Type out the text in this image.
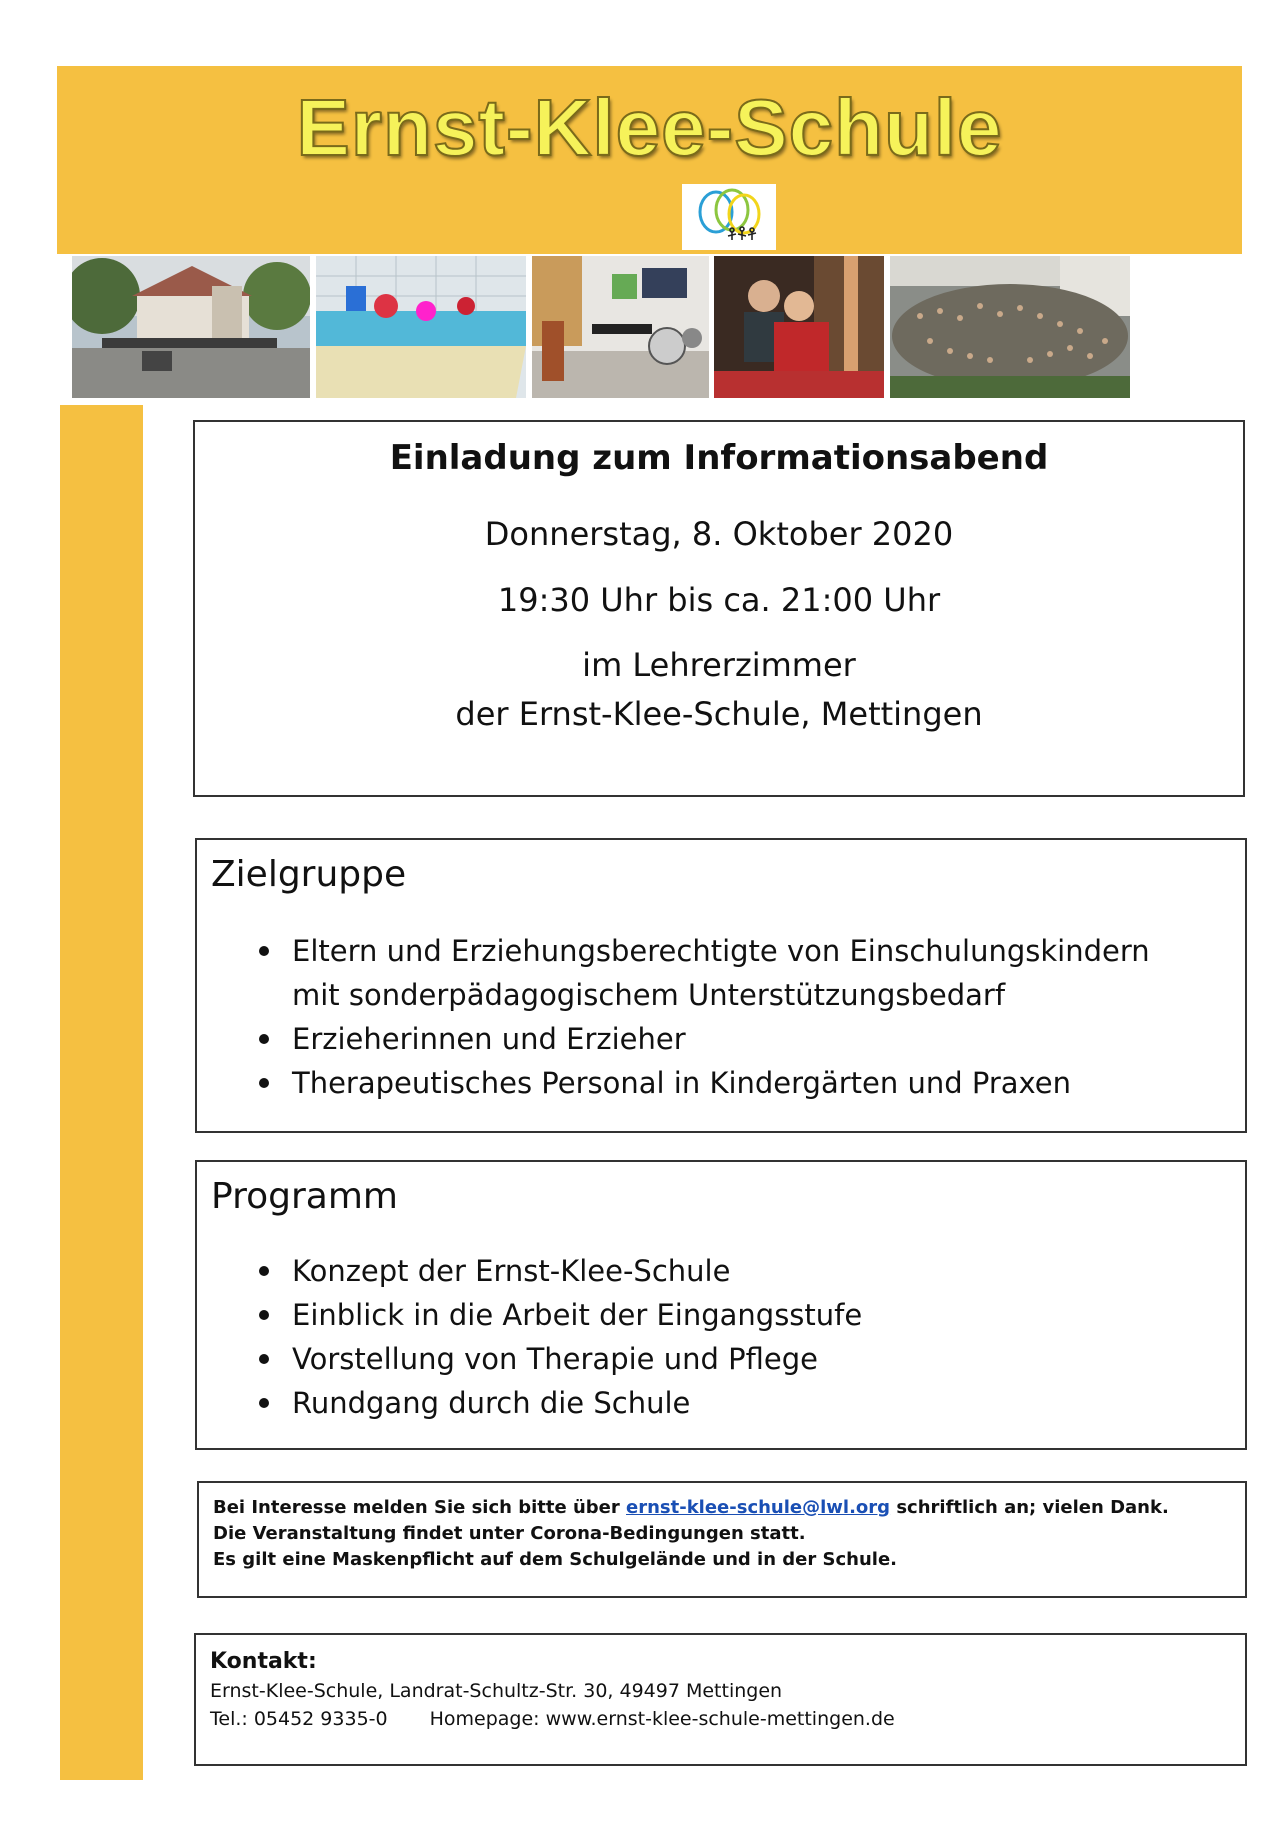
Ernst-Klee-Schule
Einladung zum Informationsabend
Donnerstag, 8. Oktober 2020
19:30 Uhr bis ca. 21:00 Uhr
im Lehrerzimmer
der Ernst-Klee-Schule, Mettingen
Zielgruppe
Eltern und Erziehungsberechtigte von Einschulungskindern mit sonderpädagogischem Unterstützungsbedarf
Erzieherinnen und Erzieher
Therapeutisches Personal in Kindergärten und Praxen
Programm
Konzept der Ernst-Klee-Schule
Einblick in die Arbeit der Eingangsstufe
Vorstellung von Therapie und Pflege
Rundgang durch die Schule

Bei Interesse melden Sie sich bitte über ernst-klee-schule@lwl.org schriftlich an; vielen Dank.

Die Veranstaltung findet unter Corona-Bedingungen statt.

Es gilt eine Maskenpflicht auf dem Schulgelände und in der Schule.

Kontakt:
Ernst-Klee-Schule, Landrat-Schultz-Str. 30, 49497 Mettingen
Tel.: 05452 9335-0 Homepage: www.ernst-klee-schule-mettingen.de
